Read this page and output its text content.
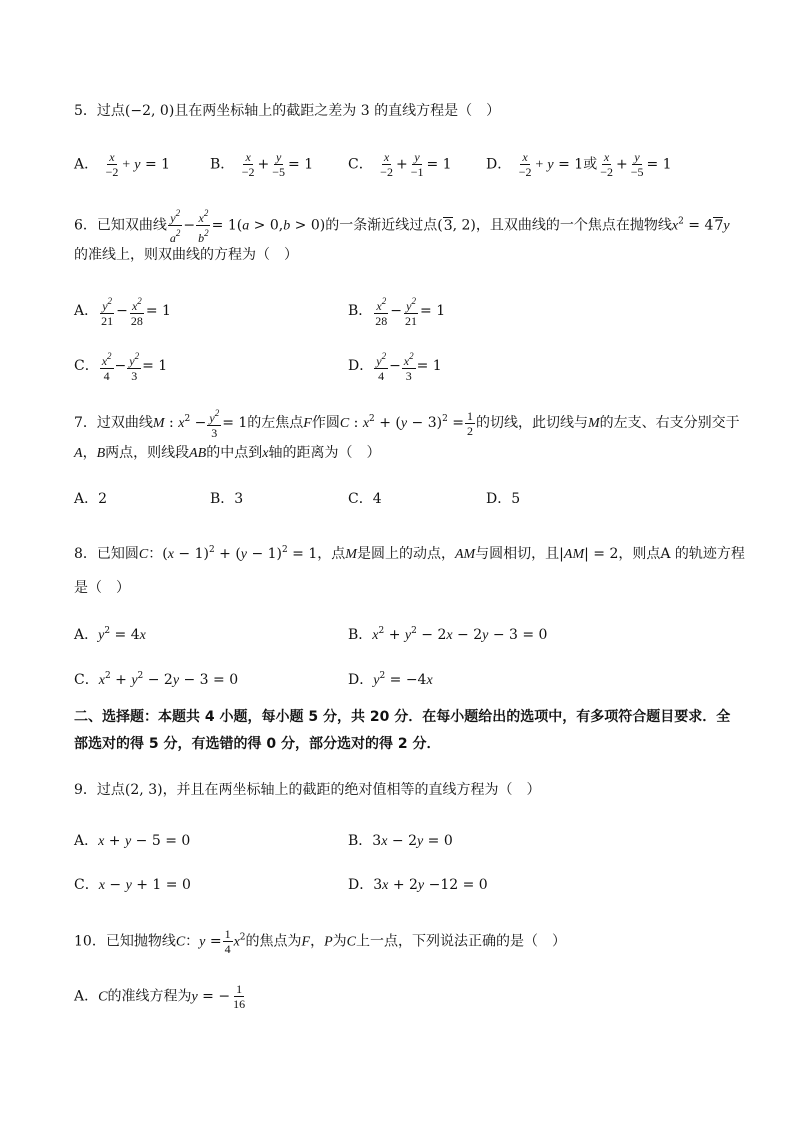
5．过点(−2, 0)且在两坐标轴上的截距之差为 3 的直线方程是（　）
A． $\frac{x}{-2} + y = 1$	B． $\frac{x}{-2} + \frac{y}{-5} = 1$ C． $\frac{x}{-2} + \frac{y}{-1} = 1$ D． $\frac{x}{-2} + y = 1$或 $\frac{x}{-2} + \frac{y}{-5} = 1$
6．已知双曲线 $\frac{y^2}{a^2} - \frac{x^2}{b^2} = 1(a > 0,b > 0)$的一条渐近线过点(3, 2)，且双曲线的一个焦点在抛物线$x^2 = 47y$
的准线上，则双曲线的方程为（　）
A． $\frac{y^2}{21} - \frac{x^2}{28} = 1$	B． $\frac{x^2}{28} - \frac{y^2}{21} = 1$
C． $\frac{x^2}{4} - \frac{y^2}{3} = 1$	D． $\frac{y^2}{4} - \frac{x^2}{3} = 1$
7．过双曲线M : $x^2 - \frac{y^2}{3} = 1$的左焦点F作圆C : $x^2 + (y - 3)^2 = \frac{1}{2}$ 的切线，此切线与M的左支、右支分别交于
A，B两点，则线段AB的中点到x轴的距离为（　）
A．2	B．3	C．4	D．5
8．已知圆C：$(x - 1)^2 + (y - 1)^2 = 1$，点M是圆上的动点，AM与圆相切，且|AM| = 2，则点A 的轨迹方程
是（　）
A．$y^2 = 4x$	B．$x^2 + y^2 - 2x - 2y - 3 = 0$
C．$x^2 + y^2 - 2y - 3 = 0$	D．$y^2 = -4x$
二、选择题：本题共 4 小题，每小题 5 分，共 20 分．在每小题给出的选项中，有多项符合题目要求．全
部选对的得 5 分，有选错的得 0 分，部分选对的得 2 分．
9．过点(2, 3)，并且在两坐标轴上的截距的绝对值相等的直线方程为（　）
A．x + y − 5 = 0	B．3x − 2y = 0
C．x − y + 1 = 0	D．3x + 2y −12 = 0
10．已知抛物线C：$y = \frac{1}{4} x^2$的焦点为F，P为C上一点，下列说法正确的是（　）
A．C的准线方程为y = − $\frac{1}{16}$
